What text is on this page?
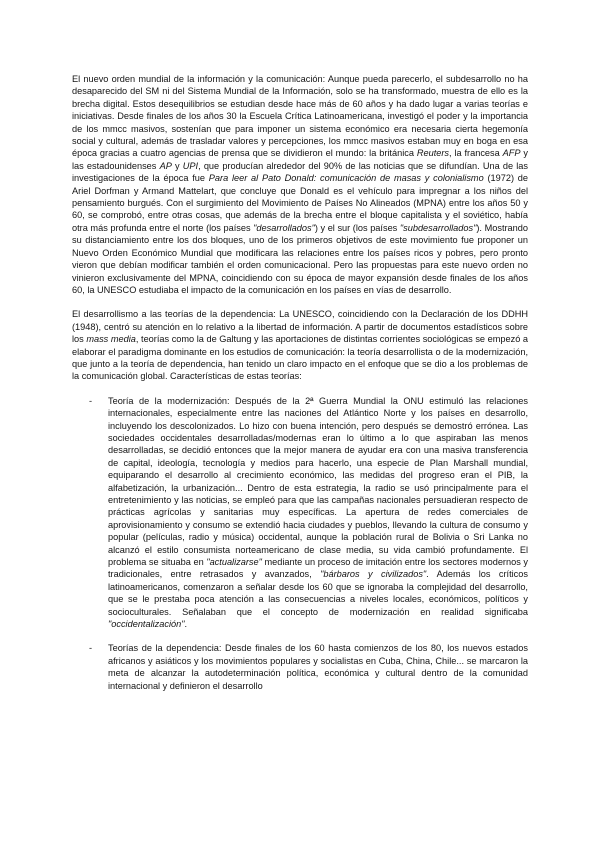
El nuevo orden mundial de la información y la comunicación: Aunque pueda parecerlo, el subdesarrollo no ha desaparecido del SM ni del Sistema Mundial de la Información, solo se ha transformado, muestra de ello es la brecha digital. Estos desequilibrios se estudian desde hace más de 60 años y ha dado lugar a varias teorías e iniciativas. Desde finales de los años 30 la Escuela Crítica Latinoamericana, investigó el poder y la importancia de los mmcc masivos, sostenían que para imponer un sistema económico era necesaria cierta hegemonía social y cultural, además de trasladar valores y percepciones, los mmcc masivos estaban muy en boga en esa época gracias a cuatro agencias de prensa que se dividieron el mundo: la británica Reuters, la francesa AFP y las estadounidenses AP y UPI, que producían alrededor del 90% de las noticias que se difundían. Una de las investigaciones de la época fue Para leer al Pato Donald: comunicación de masas y colonialismo (1972) de Ariel Dorfman y Armand Mattelart, que concluye que Donald es el vehículo para impregnar a los niños del pensamiento burgués. Con el surgimiento del Movimiento de Países No Alineados (MPNA) entre los años 50 y 60, se comprobó, entre otras cosas, que además de la brecha entre el bloque capitalista y el soviético, había otra más profunda entre el norte (los países "desarrollados") y el sur (los países "subdesarrollados"). Mostrando su distanciamiento entre los dos bloques, uno de los primeros objetivos de este movimiento fue proponer un Nuevo Orden Económico Mundial que modificara las relaciones entre los países ricos y pobres, pero pronto vieron que debían modificar también el orden comunicacional. Pero las propuestas para este nuevo orden no vinieron exclusivamente del MPNA, coincidiendo con su época de mayor expansión desde finales de los años 60, la UNESCO estudiaba el impacto de la comunicación en los países en vías de desarrollo.

El desarrollismo a las teorías de la dependencia: La UNESCO, coincidiendo con la Declaración de los DDHH (1948), centró su atención en lo relativo a la libertad de información. A partir de documentos estadísticos sobre los mass media, teorías como la de Galtung y las aportaciones de distintas corrientes sociológicas se empezó a elaborar el paradigma dominante en los estudios de comunicación: la teoría desarrollista o de la modernización, que junto a la teoría de dependencia, han tenido un claro impacto en el enfoque que se dio a los problemas de la comunicación global. Características de estas teorías:

- Teoría de la modernización: Después de la 2ª Guerra Mundial la ONU estimuló las relaciones internacionales, especialmente entre las naciones del Atlántico Norte y los países en desarrollo, incluyendo los descolonizados. Lo hizo con buena intención, pero después se demostró errónea. Las sociedades occidentales desarrolladas/modernas eran lo último a lo que aspiraban las menos desarrolladas, se decidió entonces que la mejor manera de ayudar era con una masiva transferencia de capital, ideología, tecnología y medios para hacerlo, una especie de Plan Marshall mundial, equiparando el desarrollo al crecimiento económico, las medidas del progreso eran el PIB, la alfabetización, la urbanización... Dentro de esta estrategia, la radio se usó principalmente para el entretenimiento y las noticias, se empleó para que las campañas nacionales persuadieran respecto de prácticas agrícolas y sanitarias muy específicas. La apertura de redes comerciales de aprovisionamiento y consumo se extendió hacia ciudades y pueblos, llevando la cultura de consumo y popular (películas, radio y música) occidental, aunque la población rural de Bolivia o Sri Lanka no alcanzó el estilo consumista norteamericano de clase media, su vida cambió profundamente. El problema se situaba en "actualizarse" mediante un proceso de imitación entre los sectores modernos y tradicionales, entre retrasados y avanzados, "bárbaros y civilizados". Además los críticos latinoamericanos, comenzaron a señalar desde los 60 que se ignoraba la complejidad del desarrollo, que se le prestaba poca atención a las consecuencias a niveles locales, económicos, políticos y socioculturales. Señalaban que el concepto de modernización en realidad significaba "occidentalización".

- Teorías de la dependencia: Desde finales de los 60 hasta comienzos de los 80, los nuevos estados africanos y asiáticos y los movimientos populares y socialistas en Cuba, China, Chile... se marcaron la meta de alcanzar la autodeterminación política, económica y cultural dentro de la comunidad internacional y definieron el desarrollo
